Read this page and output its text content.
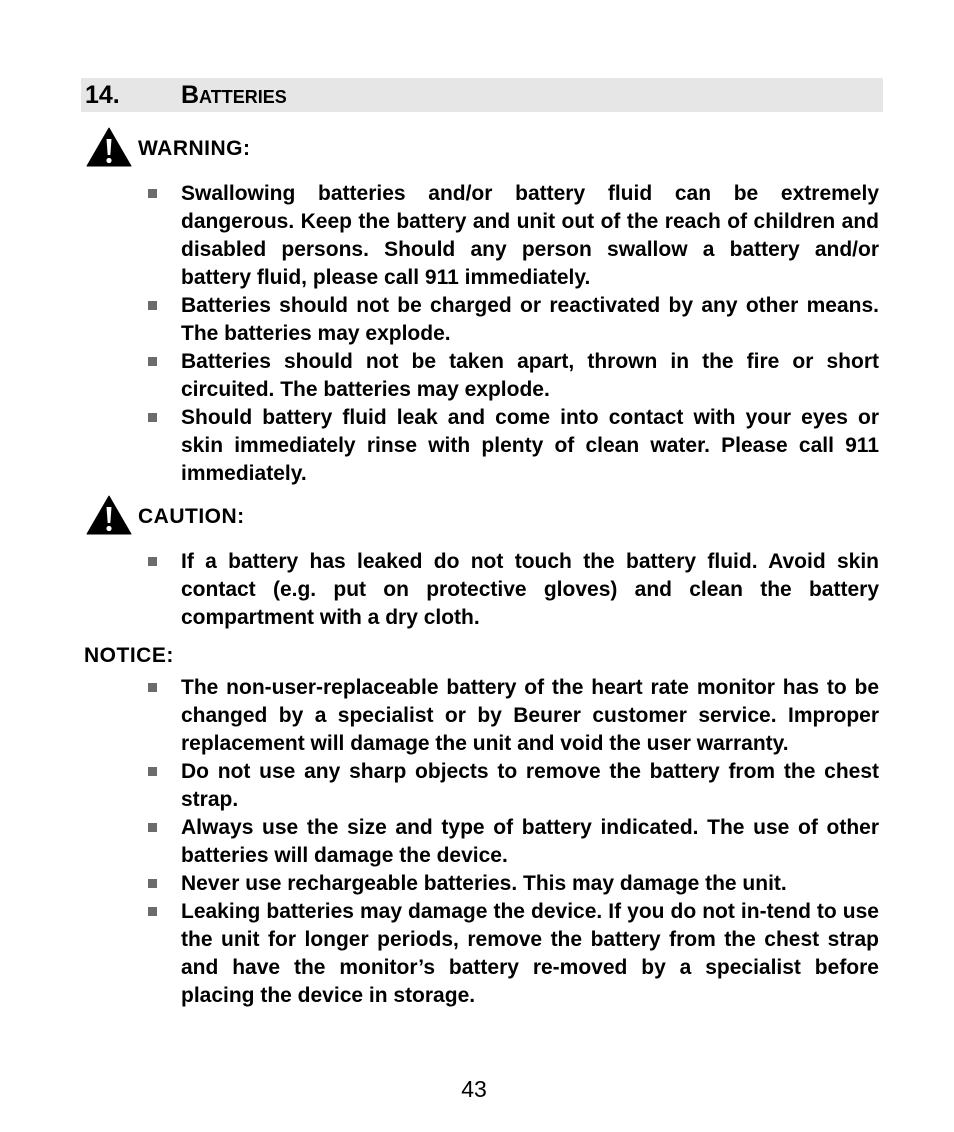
14. Batteries
WARNING:
Swallowing batteries and/or battery fluid can be extremely dangerous. Keep the battery and unit out of the reach of children and disabled persons. Should any person swallow a battery and/or battery fluid, please call 911 immediately.
Batteries should not be charged or reactivated by any other means. The batteries may explode.
Batteries should not be taken apart, thrown in the fire or short circuited. The batteries may explode.
Should battery fluid leak and come into contact with your eyes or skin immediately rinse with plenty of clean water. Please call 911 immediately.
CAUTION:
If a battery has leaked do not touch the battery fluid. Avoid skin contact (e.g. put on protective gloves) and clean the battery compartment with a dry cloth.
NOTICE:
The non-user-replaceable battery of the heart rate monitor has to be changed by a specialist or by Beurer customer service. Improper replacement will damage the unit and void the user warranty.
Do not use any sharp objects to remove the battery from the chest strap.
Always use the size and type of battery indicated. The use of other batteries will damage the device.
Never use rechargeable batteries. This may damage the unit.
Leaking batteries may damage the device. If you do not in-tend to use the unit for longer periods, remove the battery from the chest strap and have the monitor’s battery re-moved by a specialist before placing the device in storage.
43
